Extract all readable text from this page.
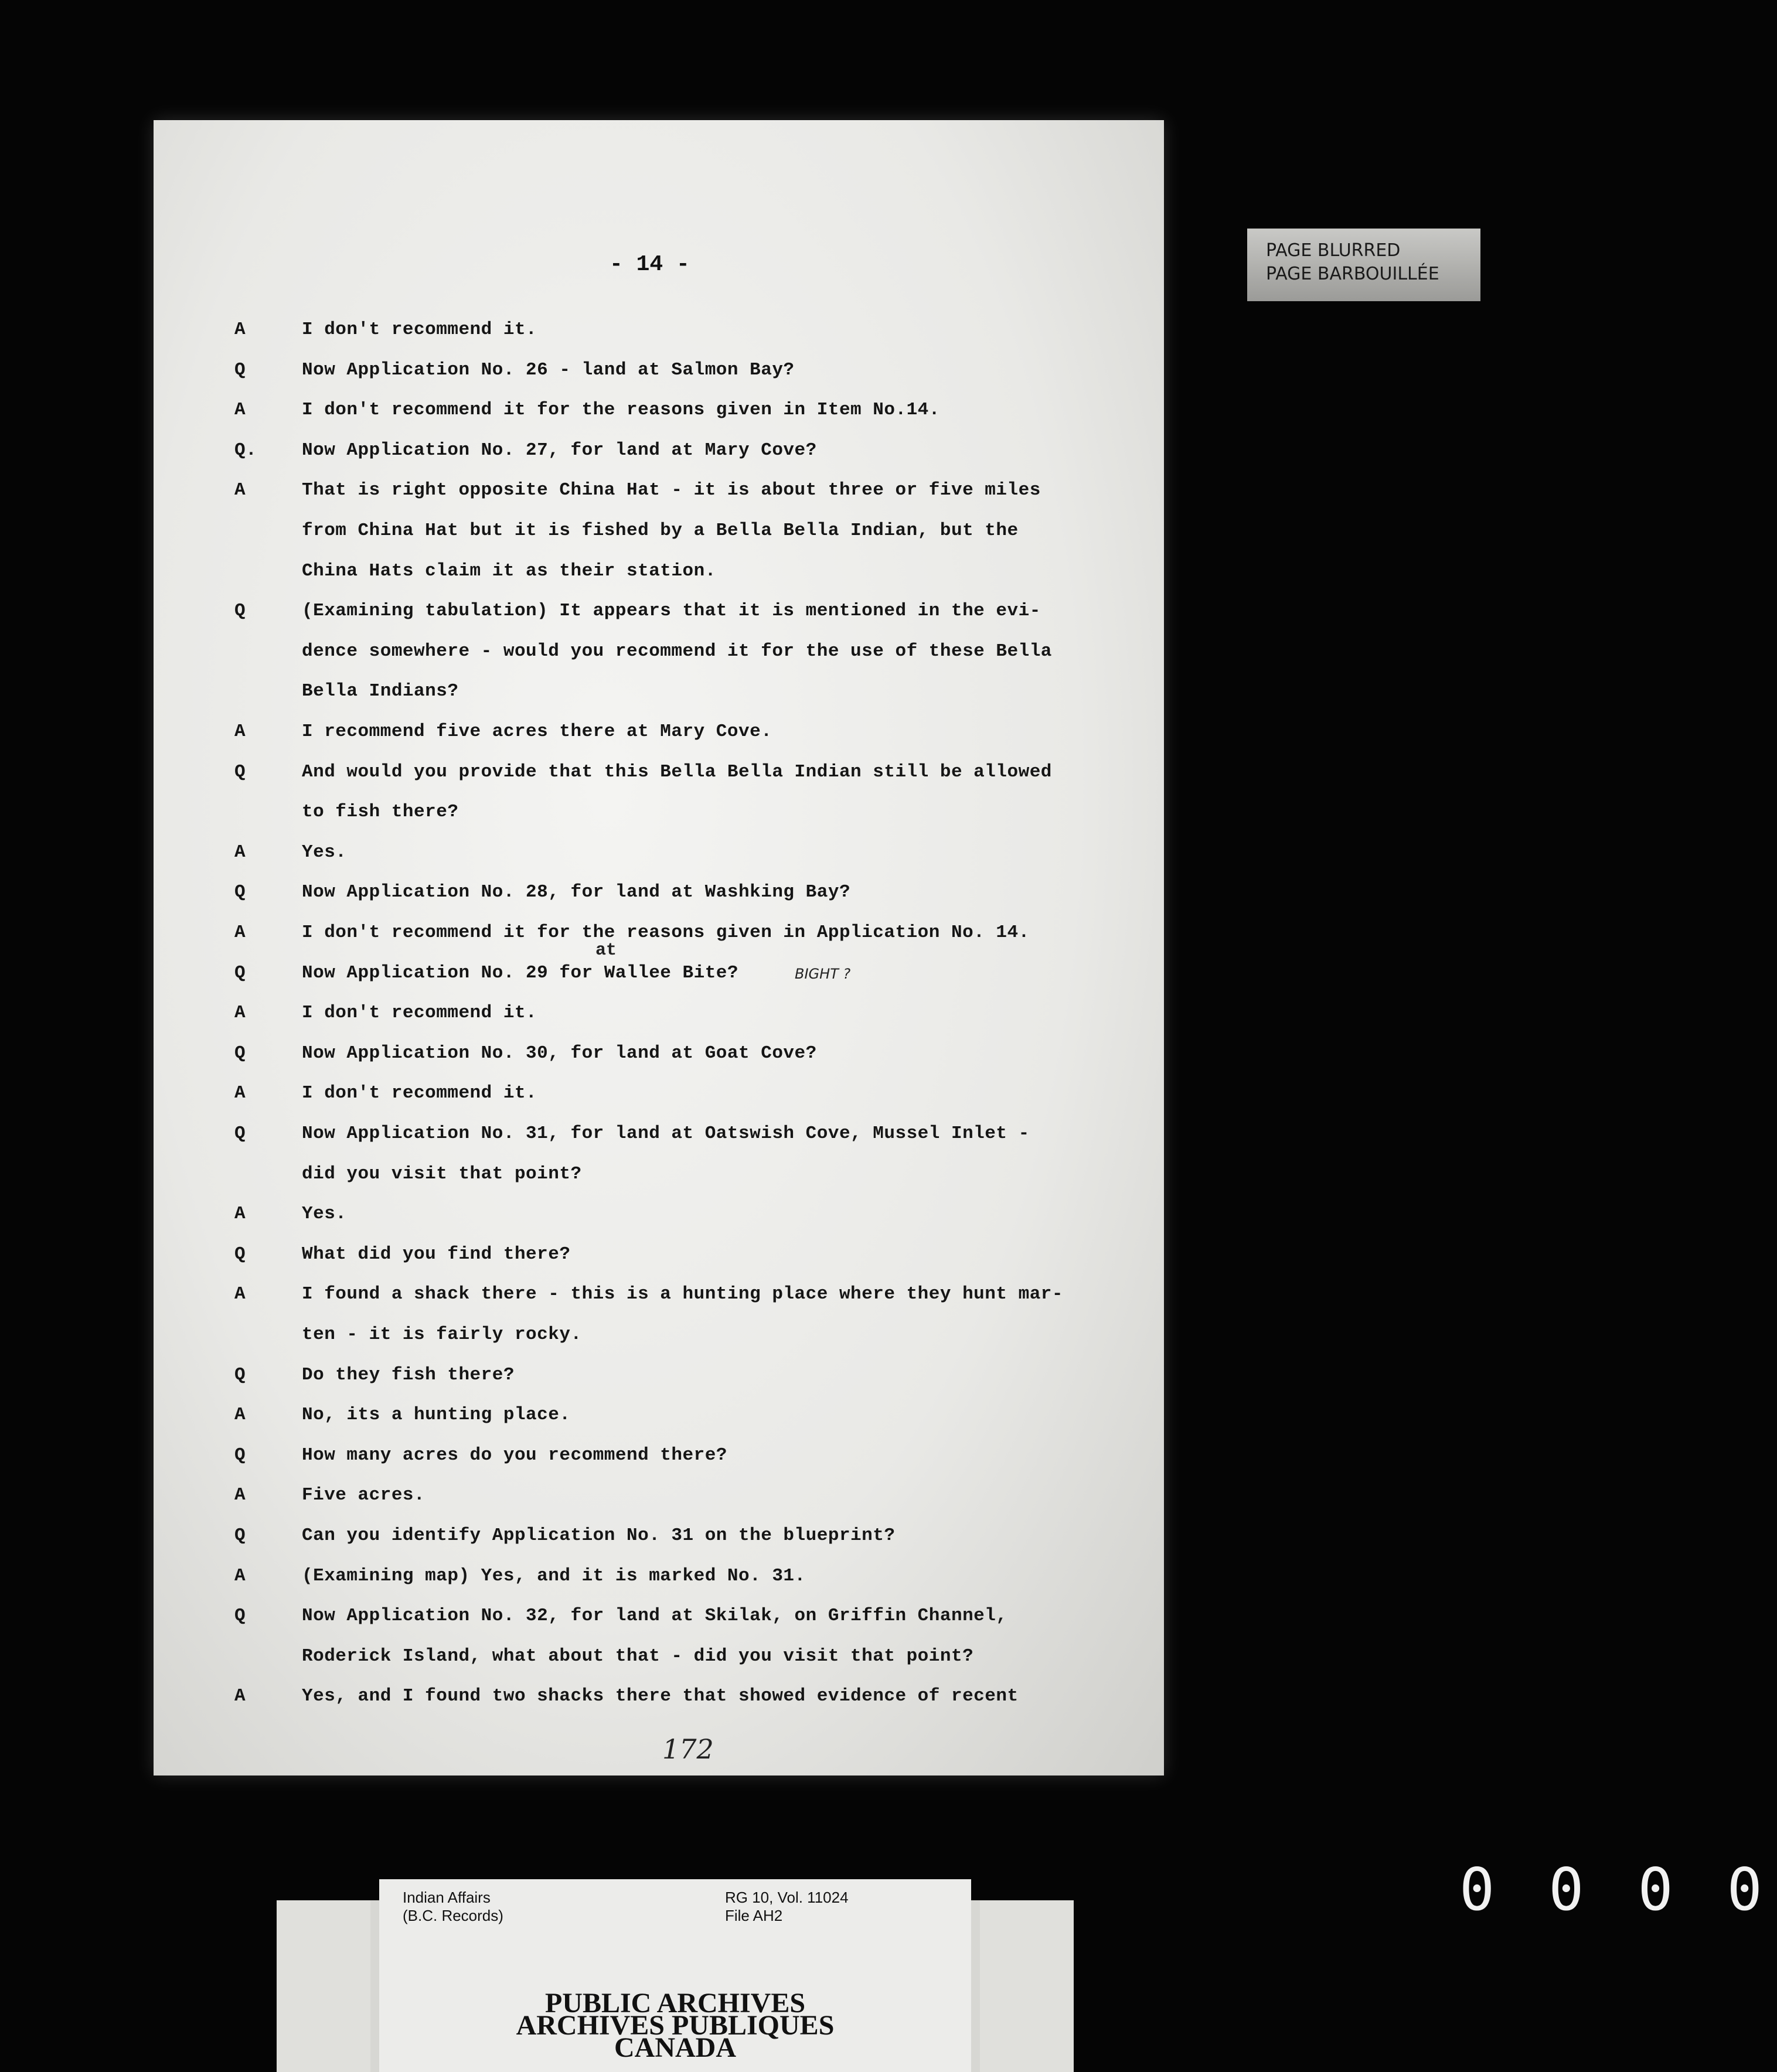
- 14 -
A	I don't recommend it.
Q	Now Application No. 26 - land at Salmon Bay?
A	I don't recommend it for the reasons given in Item No.14.
Q. Now Application No. 27, for land at Mary Cove?
A	That is right opposite China Hat - it is about three or five miles
from China Hat but it is fished by a Bella Bella Indian, but the
China Hats claim it as their station.
Q	(Examining tabulation) It appears that it is mentioned in the evi-
dence somewhere - would you recommend it for the use of these Bella
Bella Indians?
A	I recommend five acres there at Mary Cove.
Q	And would you provide that this Bella Bella Indian still be allowed
to fish there?
A	Yes.
Q	Now Application No. 28, for land at Washking Bay?
A	I don't recommend it for the reasons given in Application No. 14.
Q	Now Application No. 29 for Wallee Bite?
A	I don't recommend it.
Q	Now Application No. 30, for land at Goat Cove?
A	I don't recommend it.
Q	Now Application No. 31, for land at Oatswish Cove, Mussel Inlet -
did you visit that point?
A	Yes.
Q	What did you find there?
A	I found a shack there - this is a hunting place where they hunt mar-
ten - it is fairly rocky.
Q	Do they fish there?
A	No, its a hunting place.
Q	How many acres do you recommend there?
A	Five acres.
Q	Can you identify Application No. 31 on the blueprint?
A	(Examining map) Yes, and it is marked No. 31.
Q	Now Application No. 32, for land at Skilak, on Griffin Channel,
Roderick Island, what about that - did you visit that point?
A	Yes, and I found two shacks there that showed evidence of recent
at
BIGHT ?
172
PAGE BLURRED
PAGE BARBOUILLÉE
0 0 0 0
Indian Affairs
(B.C. Records)
RG 10, Vol. 11024
File AH2
PUBLIC ARCHIVES
ARCHIVES PUBLIQUES
CANADA
